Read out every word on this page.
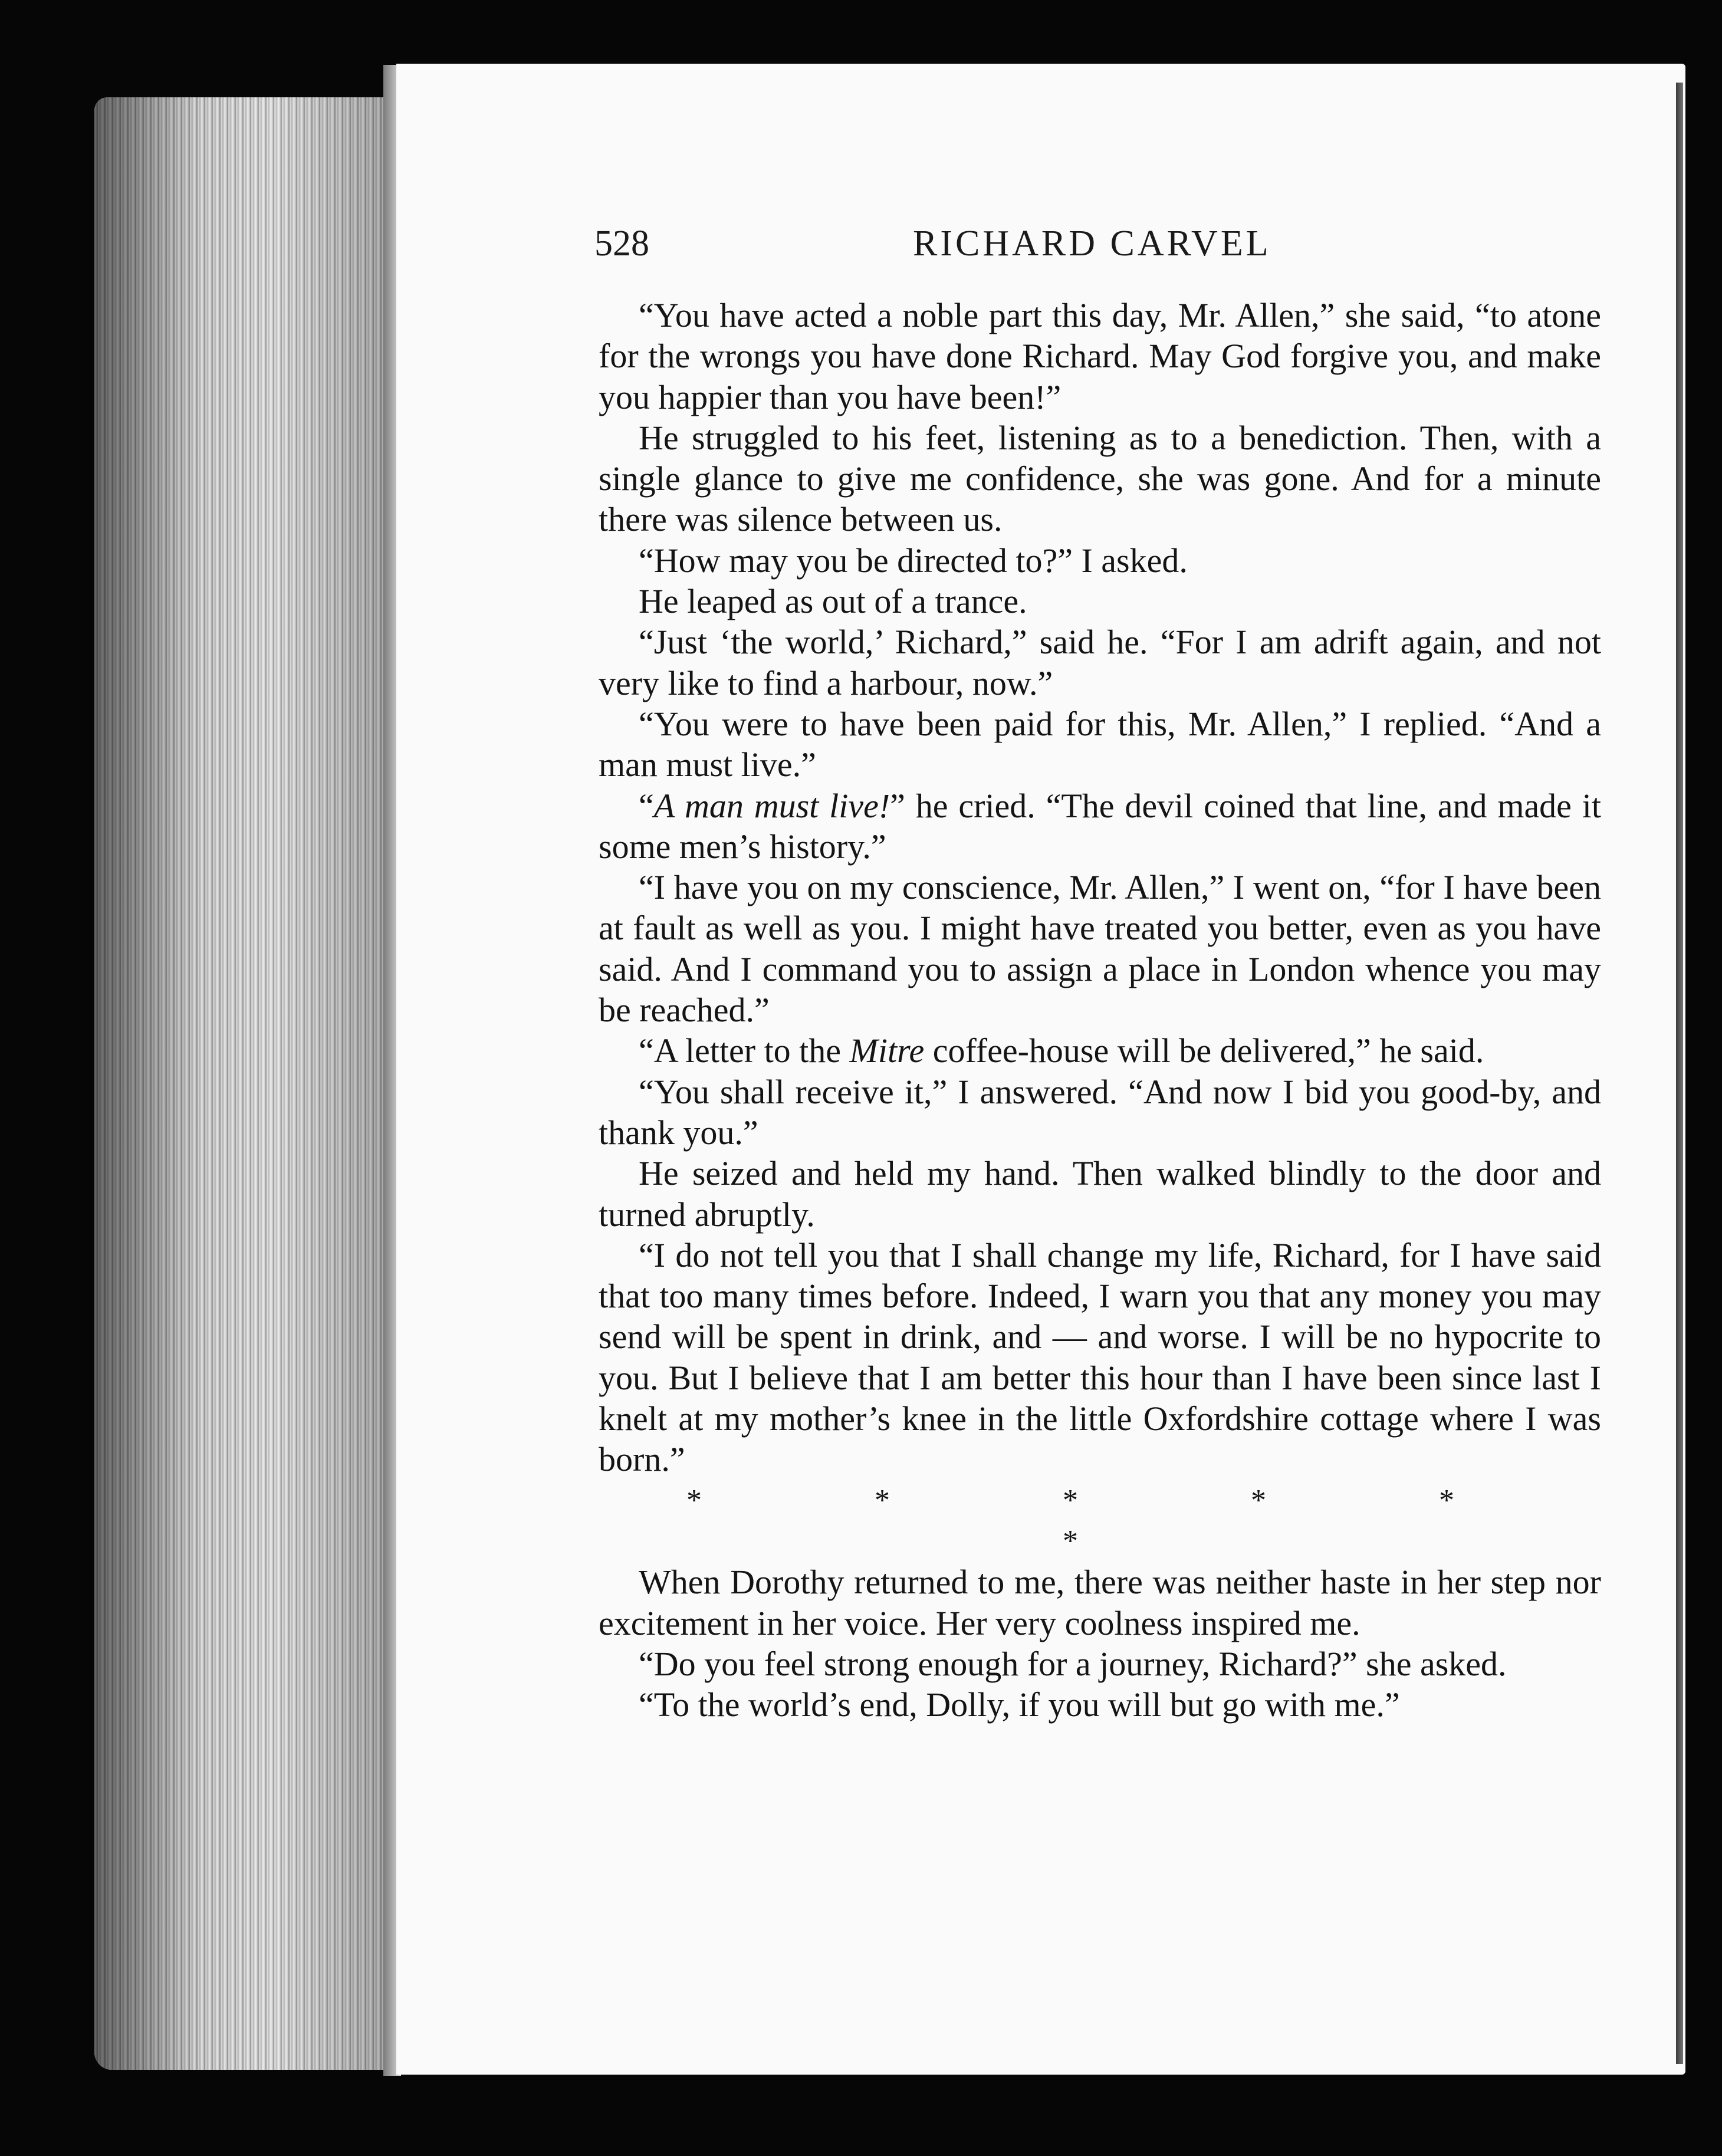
528	RICHARD CARVEL

“You have acted a noble part this day, Mr. Allen,” she said, “to atone for the wrongs you have done Richard. May God forgive you, and make you happier than you have been!”

He struggled to his feet, listening as to a benediction. Then, with a single glance to give me confidence, she was gone. And for a minute there was silence between us.

“How may you be directed to?” I asked.

He leaped as out of a trance.

“Just ‘the world,’ Richard,” said he. “For I am adrift again, and not very like to find a harbour, now.”

“You were to have been paid for this, Mr. Allen,” I replied. “And a man must live.”

“A man must live!” he cried. “The devil coined that line, and made it some men’s history.”

“I have you on my conscience, Mr. Allen,” I went on, “for I have been at fault as well as you. I might have treated you better, even as you have said. And I command you to assign a place in London whence you may be reached.”

“A letter to the Mitre coffee-house will be delivered,” he said.

“You shall receive it,” I answered. “And now I bid you good-by, and thank you.”

He seized and held my hand. Then walked blindly to the door and turned abruptly.

“I do not tell you that I shall change my life, Richard, for I have said that too many times before. Indeed, I warn you that any money you may send will be spent in drink, and — and worse. I will be no hypocrite to you. But I believe that I am better this hour than I have been since last I knelt at my mother’s knee in the little Oxfordshire cottage where I was born.”

* * * * * *

When Dorothy returned to me, there was neither haste in her step nor excitement in her voice. Her very coolness inspired me.

“Do you feel strong enough for a journey, Richard?” she asked.

“To the world’s end, Dolly, if you will but go with me.”
